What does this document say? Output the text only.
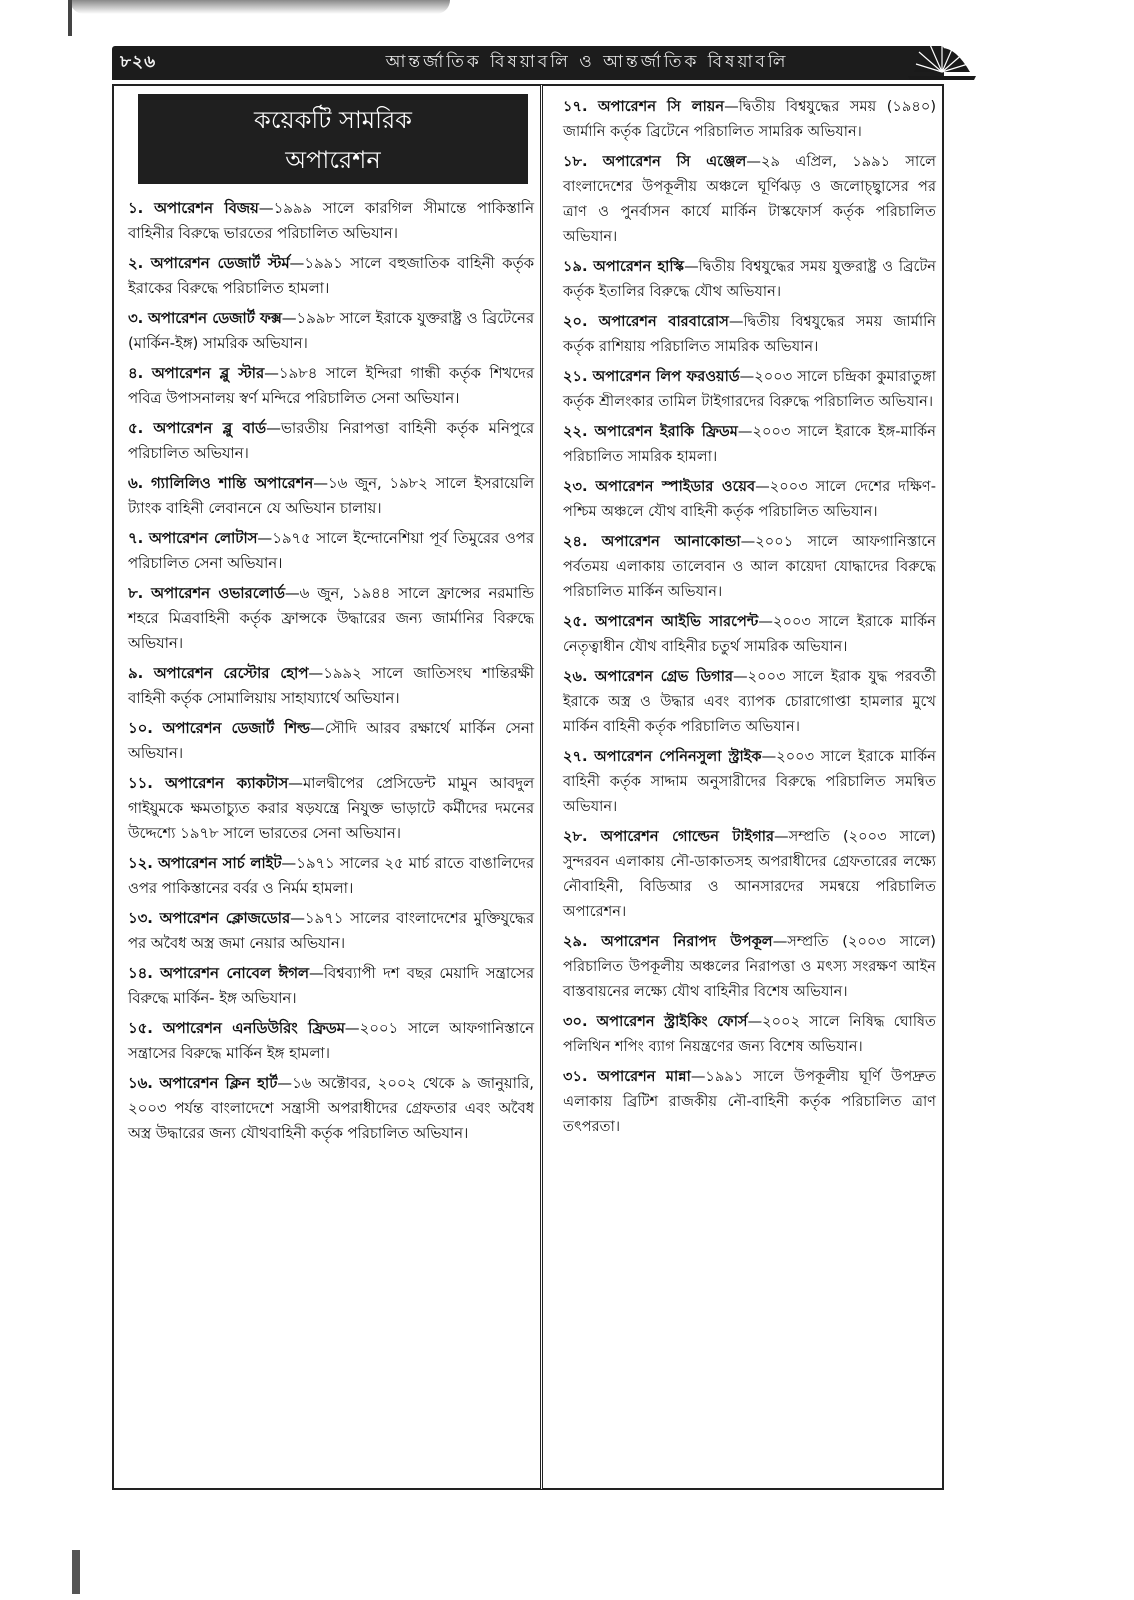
৮২৬	আন্তর্জাতিক বিষয়াবলি ও আন্তর্জাতিক বিষয়াবলি
কয়েকটি সামরিক
অপারেশন

১. অপারেশন বিজয়—১৯৯৯ সালে কারগিল সীমান্তে পাকিস্তানি বাহিনীর বিরুদ্ধে ভারতের পরিচালিত অভিযান।

২. অপারেশন ডেজার্ট স্টর্ম—১৯৯১ সালে বহুজাতিক বাহিনী কর্তৃক ইরাকের বিরুদ্ধে পরিচালিত হামলা।

৩. অপারেশন ডেজার্ট ফক্স—১৯৯৮ সালে ইরাকে যুক্তরাষ্ট্র ও ব্রিটেনের (মার্কিন-ইঙ্গ) সামরিক অভিযান।

৪. অপারেশন ব্লু স্টার—১৯৮৪ সালে ইন্দিরা গান্ধী কর্তৃক শিখদের পবিত্র উপাসনালয় স্বর্ণ মন্দিরে পরিচালিত সেনা অভিযান।

৫. অপারেশন ব্লু বার্ড—ভারতীয় নিরাপত্তা বাহিনী কর্তৃক মনিপুরে পরিচালিত অভিযান।

৬. গ্যালিলিও শান্তি অপারেশন—১৬ জুন, ১৯৮২ সালে ইসরায়েলি ট্যাংক বাহিনী লেবাননে যে অভিযান চালায়।

৭. অপারেশন লোটাস—১৯৭৫ সালে ইন্দোনেশিয়া পূর্ব তিমুরের ওপর পরিচালিত সেনা অভিযান।

৮. অপারেশন ওভারলোর্ড—৬ জুন, ১৯৪৪ সালে ফ্রান্সের নরমান্ডি শহরে মিত্রবাহিনী কর্তৃক ফ্রান্সকে উদ্ধারের জন্য জার্মানির বিরুদ্ধে অভিযান।

৯. অপারেশন রেস্টোর হোপ—১৯৯২ সালে জাতিসংঘ শান্তিরক্ষী বাহিনী কর্তৃক সোমালিয়ায় সাহায্যার্থে অভিযান।

১০. অপারেশন ডেজার্ট শিল্ড—সৌদি আরব রক্ষার্থে মার্কিন সেনা অভিযান।

১১. অপারেশন ক্যাকটাস—মালদ্বীপের প্রেসিডেন্ট মামুন আবদুল গাইয়ুমকে ক্ষমতাচ্যুত করার ষড়যন্ত্রে নিযুক্ত ভাড়াটে কর্মীদের দমনের উদ্দেশ্যে ১৯৭৮ সালে ভারতের সেনা অভিযান।

১২. অপারেশন সার্চ লাইট—১৯৭১ সালের ২৫ মার্চ রাতে বাঙালিদের ওপর পাকিস্তানের বর্বর ও নির্মম হামলা।

১৩. অপারেশন ক্লোজডোর—১৯৭১ সালের বাংলাদেশের মুক্তিযুদ্ধের পর অবৈধ অস্ত্র জমা নেয়ার অভিযান।

১৪. অপারেশন নোবেল ঈগল—বিশ্বব্যাপী দশ বছর মেয়াদি সন্ত্রাসের বিরুদ্ধে মার্কিন- ইঙ্গ অভিযান।

১৫. অপারেশন এনডিউরিং ফ্রিডম—২০০১ সালে আফগানিস্তানে সন্ত্রাসের বিরুদ্ধে মার্কিন ইঙ্গ হামলা।

১৬. অপারেশন ক্লিন হার্ট—১৬ অক্টোবর, ২০০২ থেকে ৯ জানুয়ারি, ২০০৩ পর্যন্ত বাংলাদেশে সন্ত্রাসী অপরাধীদের গ্রেফতার এবং অবৈধ অস্ত্র উদ্ধারের জন্য যৌথবাহিনী কর্তৃক পরিচালিত অভিযান।

১৭. অপারেশন সি লায়ন—দ্বিতীয় বিশ্বযুদ্ধের সময় (১৯৪০) জার্মানি কর্তৃক ব্রিটেনে পরিচালিত সামরিক অভিযান।

১৮. অপারেশন সি এঞ্জেল—২৯ এপ্রিল, ১৯৯১ সালে বাংলাদেশের উপকূলীয় অঞ্চলে ঘূর্ণিঝড় ও জলোচ্ছ্বাসের পর ত্রাণ ও পুনর্বাসন কার্যে মার্কিন টাস্কফোর্স কর্তৃক পরিচালিত অভিযান।

১৯. অপারেশন হাস্কি—দ্বিতীয় বিশ্বযুদ্ধের সময় যুক্তরাষ্ট্র ও ব্রিটেন কর্তৃক ইতালির বিরুদ্ধে যৌথ অভিযান।

২০. অপারেশন বারবারোস—দ্বিতীয় বিশ্বযুদ্ধের সময় জার্মানি কর্তৃক রাশিয়ায় পরিচালিত সামরিক অভিযান।

২১. অপারেশন লিপ ফরওয়ার্ড—২০০৩ সালে চন্দ্রিকা কুমারাতুঙ্গা কর্তৃক শ্রীলংকার তামিল টাইগারদের বিরুদ্ধে পরিচালিত অভিযান।

২২. অপারেশন ইরাকি ফ্রিডম—২০০৩ সালে ইরাকে ইঙ্গ-মার্কিন পরিচালিত সামরিক হামলা।

২৩. অপারেশন স্পাইডার ওয়েব—২০০৩ সালে দেশের দক্ষিণ-পশ্চিম অঞ্চলে যৌথ বাহিনী কর্তৃক পরিচালিত অভিযান।

২৪. অপারেশন আনাকোন্ডা—২০০১ সালে আফগানিস্তানে পর্বতময় এলাকায় তালেবান ও আল কায়েদা যোদ্ধাদের বিরুদ্ধে পরিচালিত মার্কিন অভিযান।

২৫. অপারেশন আইভি সারপেন্ট—২০০৩ সালে ইরাকে মার্কিন নেতৃত্বাধীন যৌথ বাহিনীর চতুর্থ সামরিক অভিযান।

২৬. অপারেশন গ্রেভ ডিগার—২০০৩ সালে ইরাক যুদ্ধ পরবর্তী ইরাকে অস্ত্র ও উদ্ধার এবং ব্যাপক চোরাগোপ্তা হামলার মুখে মার্কিন বাহিনী কর্তৃক পরিচালিত অভিযান।

২৭. অপারেশন পেনিনসুলা স্ট্রাইক—২০০৩ সালে ইরাকে মার্কিন বাহিনী কর্তৃক সাদ্দাম অনুসারীদের বিরুদ্ধে পরিচালিত সমন্বিত অভিযান।

২৮. অপারেশন গোল্ডেন টাইগার—সম্প্রতি (২০০৩ সালে) সুন্দরবন এলাকায় নৌ-ডাকাতসহ অপরাধীদের গ্রেফতারের লক্ষ্যে নৌবাহিনী, বিডিআর ও আনসারদের সমন্বয়ে পরিচালিত অপারেশন।

২৯. অপারেশন নিরাপদ উপকূল—সম্প্রতি (২০০৩ সালে) পরিচালিত উপকূলীয় অঞ্চলের নিরাপত্তা ও মৎস্য সংরক্ষণ আইন বাস্তবায়নের লক্ষ্যে যৌথ বাহিনীর বিশেষ অভিযান।

৩০. অপারেশন স্ট্রাইকিং ফোর্স—২০০২ সালে নিষিদ্ধ ঘোষিত পলিথিন শপিং ব্যাগ নিয়ন্ত্রণের জন্য বিশেষ অভিযান।

৩১. অপারেশন মান্না—১৯৯১ সালে উপকূলীয় ঘূর্ণি উপদ্রুত এলাকায় ব্রিটিশ রাজকীয় নৌ-বাহিনী কর্তৃক পরিচালিত ত্রাণ তৎপরতা।
